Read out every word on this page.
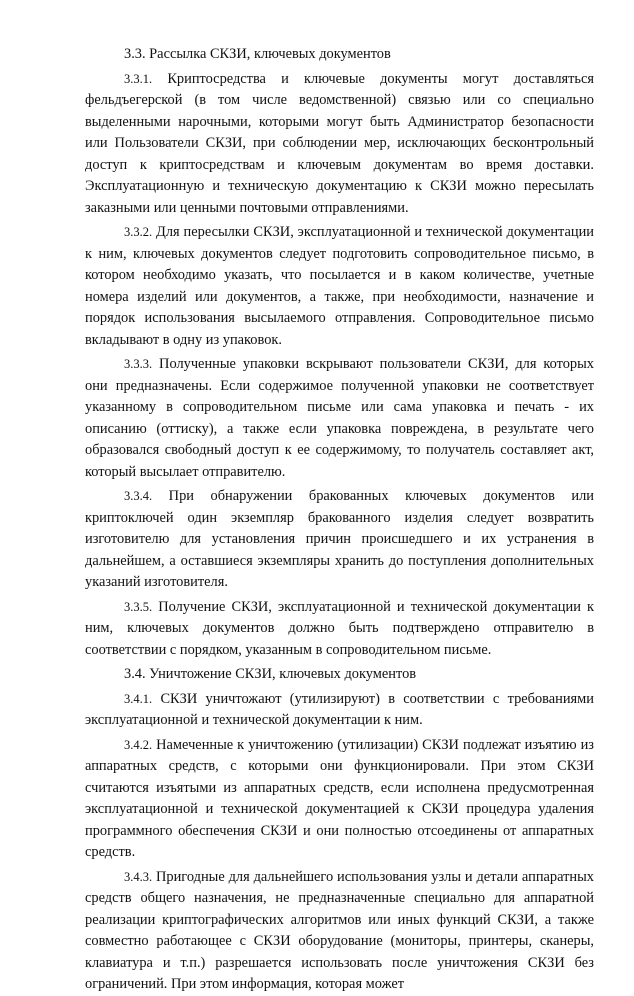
3.3. Рассылка СКЗИ, ключевых документов

3.3.1. Криптосредства и ключевые документы могут доставляться фельдъегерской (в том числе ведомственной) связью или со специально выделенными нарочными, которыми могут быть Администратор безопасности или Пользователи СКЗИ, при соблюдении мер, исключающих бесконтрольный доступ к криптосредствам и ключевым документам во время доставки. Эксплуатационную и техническую документацию к СКЗИ можно пересылать заказными или ценными почтовыми отправлениями.

3.3.2. Для пересылки СКЗИ, эксплуатационной и технической документации к ним, ключевых документов следует подготовить сопроводительное письмо, в котором необходимо указать, что посылается и в каком количестве, учетные номера изделий или документов, а также, при необходимости, назначение и порядок использования высылаемого отправления. Сопроводительное письмо вкладывают в одну из упаковок.

3.3.3. Полученные упаковки вскрывают пользователи СКЗИ, для которых они предназначены. Если содержимое полученной упаковки не соответствует указанному в сопроводительном письме или сама упаковка и печать - их описанию (оттиску), а также если упаковка повреждена, в результате чего образовался свободный доступ к ее содержимому, то получатель составляет акт, который высылает отправителю.

3.3.4. При обнаружении бракованных ключевых документов или криптоключей один экземпляр бракованного изделия следует возвратить изготовителю для установления причин происшедшего и их устранения в дальнейшем, а оставшиеся экземпляры хранить до поступления дополнительных указаний изготовителя.

3.3.5. Получение СКЗИ, эксплуатационной и технической документации к ним, ключевых документов должно быть подтверждено отправителю в соответствии с порядком, указанным в сопроводительном письме.

3.4. Уничтожение СКЗИ, ключевых документов

3.4.1. СКЗИ уничтожают (утилизируют) в соответствии с требованиями эксплуатационной и технической документации к ним.

3.4.2. Намеченные к уничтожению (утилизации) СКЗИ подлежат изъятию из аппаратных средств, с которыми они функционировали. При этом СКЗИ считаются изъятыми из аппаратных средств, если исполнена предусмотренная эксплуатационной и технической документацией к СКЗИ процедура удаления программного обеспечения СКЗИ и они полностью отсоединены от аппаратных средств.

3.4.3. Пригодные для дальнейшего использования узлы и детали аппаратных средств общего назначения, не предназначенные специально для аппаратной реализации криптографических алгоритмов или иных функций СКЗИ, а также совместно работающее с СКЗИ оборудование (мониторы, принтеры, сканеры, клавиатура и т.п.) разрешается использовать после уничтожения СКЗИ без ограничений. При этом информация, которая может
